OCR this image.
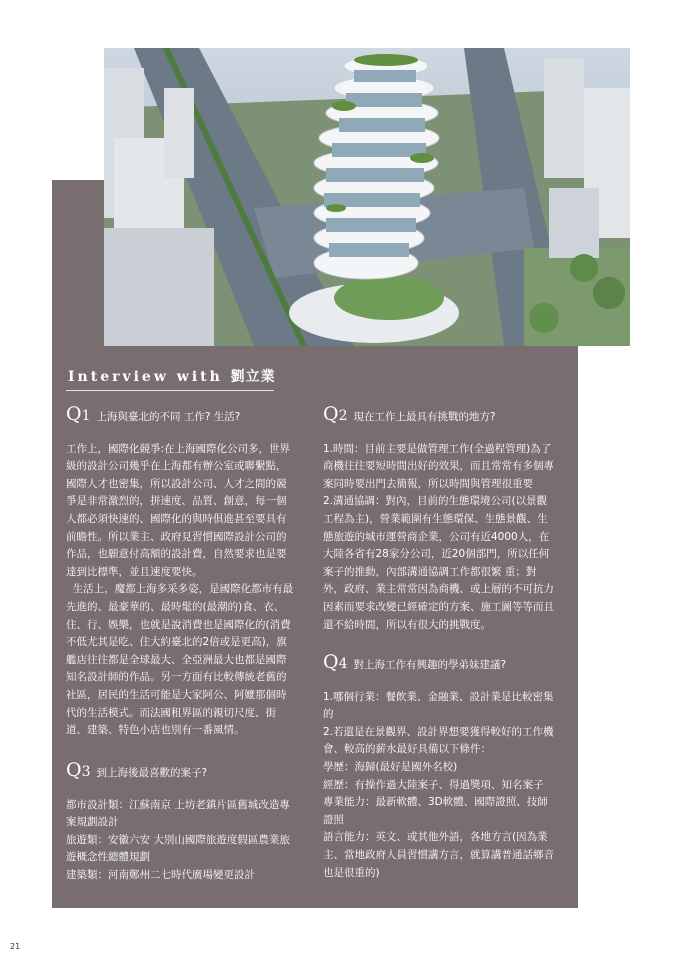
Interview with 劉立業
Q1 上海與臺北的不同 工作? 生活?

工作上，國際化競爭:在上海國際化公司多，世界級的設計公司幾乎在上海都有辦公室或聯繫點，國際人才也密集，所以設計公司、人才之間的競爭是非常激烈的，拼速度、品質、創意，每一個人都必須快速的、國際化的與時俱進甚至要具有前瞻性。所以業主、政府見習慣國際設計公司的作品，也願意付高額的設計費，自然要求也是要達到比標準，並且速度要快。

生活上，魔都上海多采多姿，是國際化都市有最先進的、最豪華的、最時髦的(最潮的)食、衣、住、行、娛樂，也就是說消費也是國際化的(消費不低尤其是吃、住大約臺北的2倍或是更高)，旗艦店往往都是全球最大、全亞洲最大也都是國際知名設計師的作品。另一方面有比較傳統老舊的社區，居民的生活可能是大家阿公、阿嬤那個時代的生活模式。而法國租界區的親切尺度、街道、建築、特色小店也別有一番風情。

Q3 到上海後最喜歡的案子?

都市設計類：江蘇南京 上坊老鎮片區舊城改造專案規劃設計

旅遊類：安徽六安 大別山國際旅遊度假區農業旅遊概念性總體規劃

建築類：河南鄭州二七時代廣場變更設計

Q2 現在工作上最具有挑戰的地方?

1.時間：目前主要是做管理工作(全過程管理)為了商機往往要短時間出好的效果，而且常常有多個專案同時要出門去簡報，所以時間與管理很重要

2.溝通協調：對內，目前的生態環境公司(以景觀工程為主)，營業範圍有生態環保、生態景觀、生態旅遊的城市運營商企業，公司有近4000人，在大陸各省有28家分公司，近20個部門，所以任何案子的推動，內部溝通協調工作都很繁 重；對外，政府、業主常常因為商機、或上層的不可抗力因素而要求改變已經確定的方案、施工圖等等而且還不給時間，所以有很大的挑戰度。

Q4 對上海工作有興趣的學弟妹建議?

1.哪個行業：餐飲業、金融業、設計業是比較密集的

2.若還是在景觀界、設計界想要獲得較好的工作機會、較高的薪水最好具備以下條件：

學歷：海歸(最好是國外名校)

經歷：有操作過大陸案子、得過獎項、知名案子

專業能力：最新軟體、3D軟體、國際證照、技師證照

語言能力：英文、或其他外語，各地方言(因為業主、當地政府人員習慣講方言，就算講普通話鄉音也是很重的)

21
